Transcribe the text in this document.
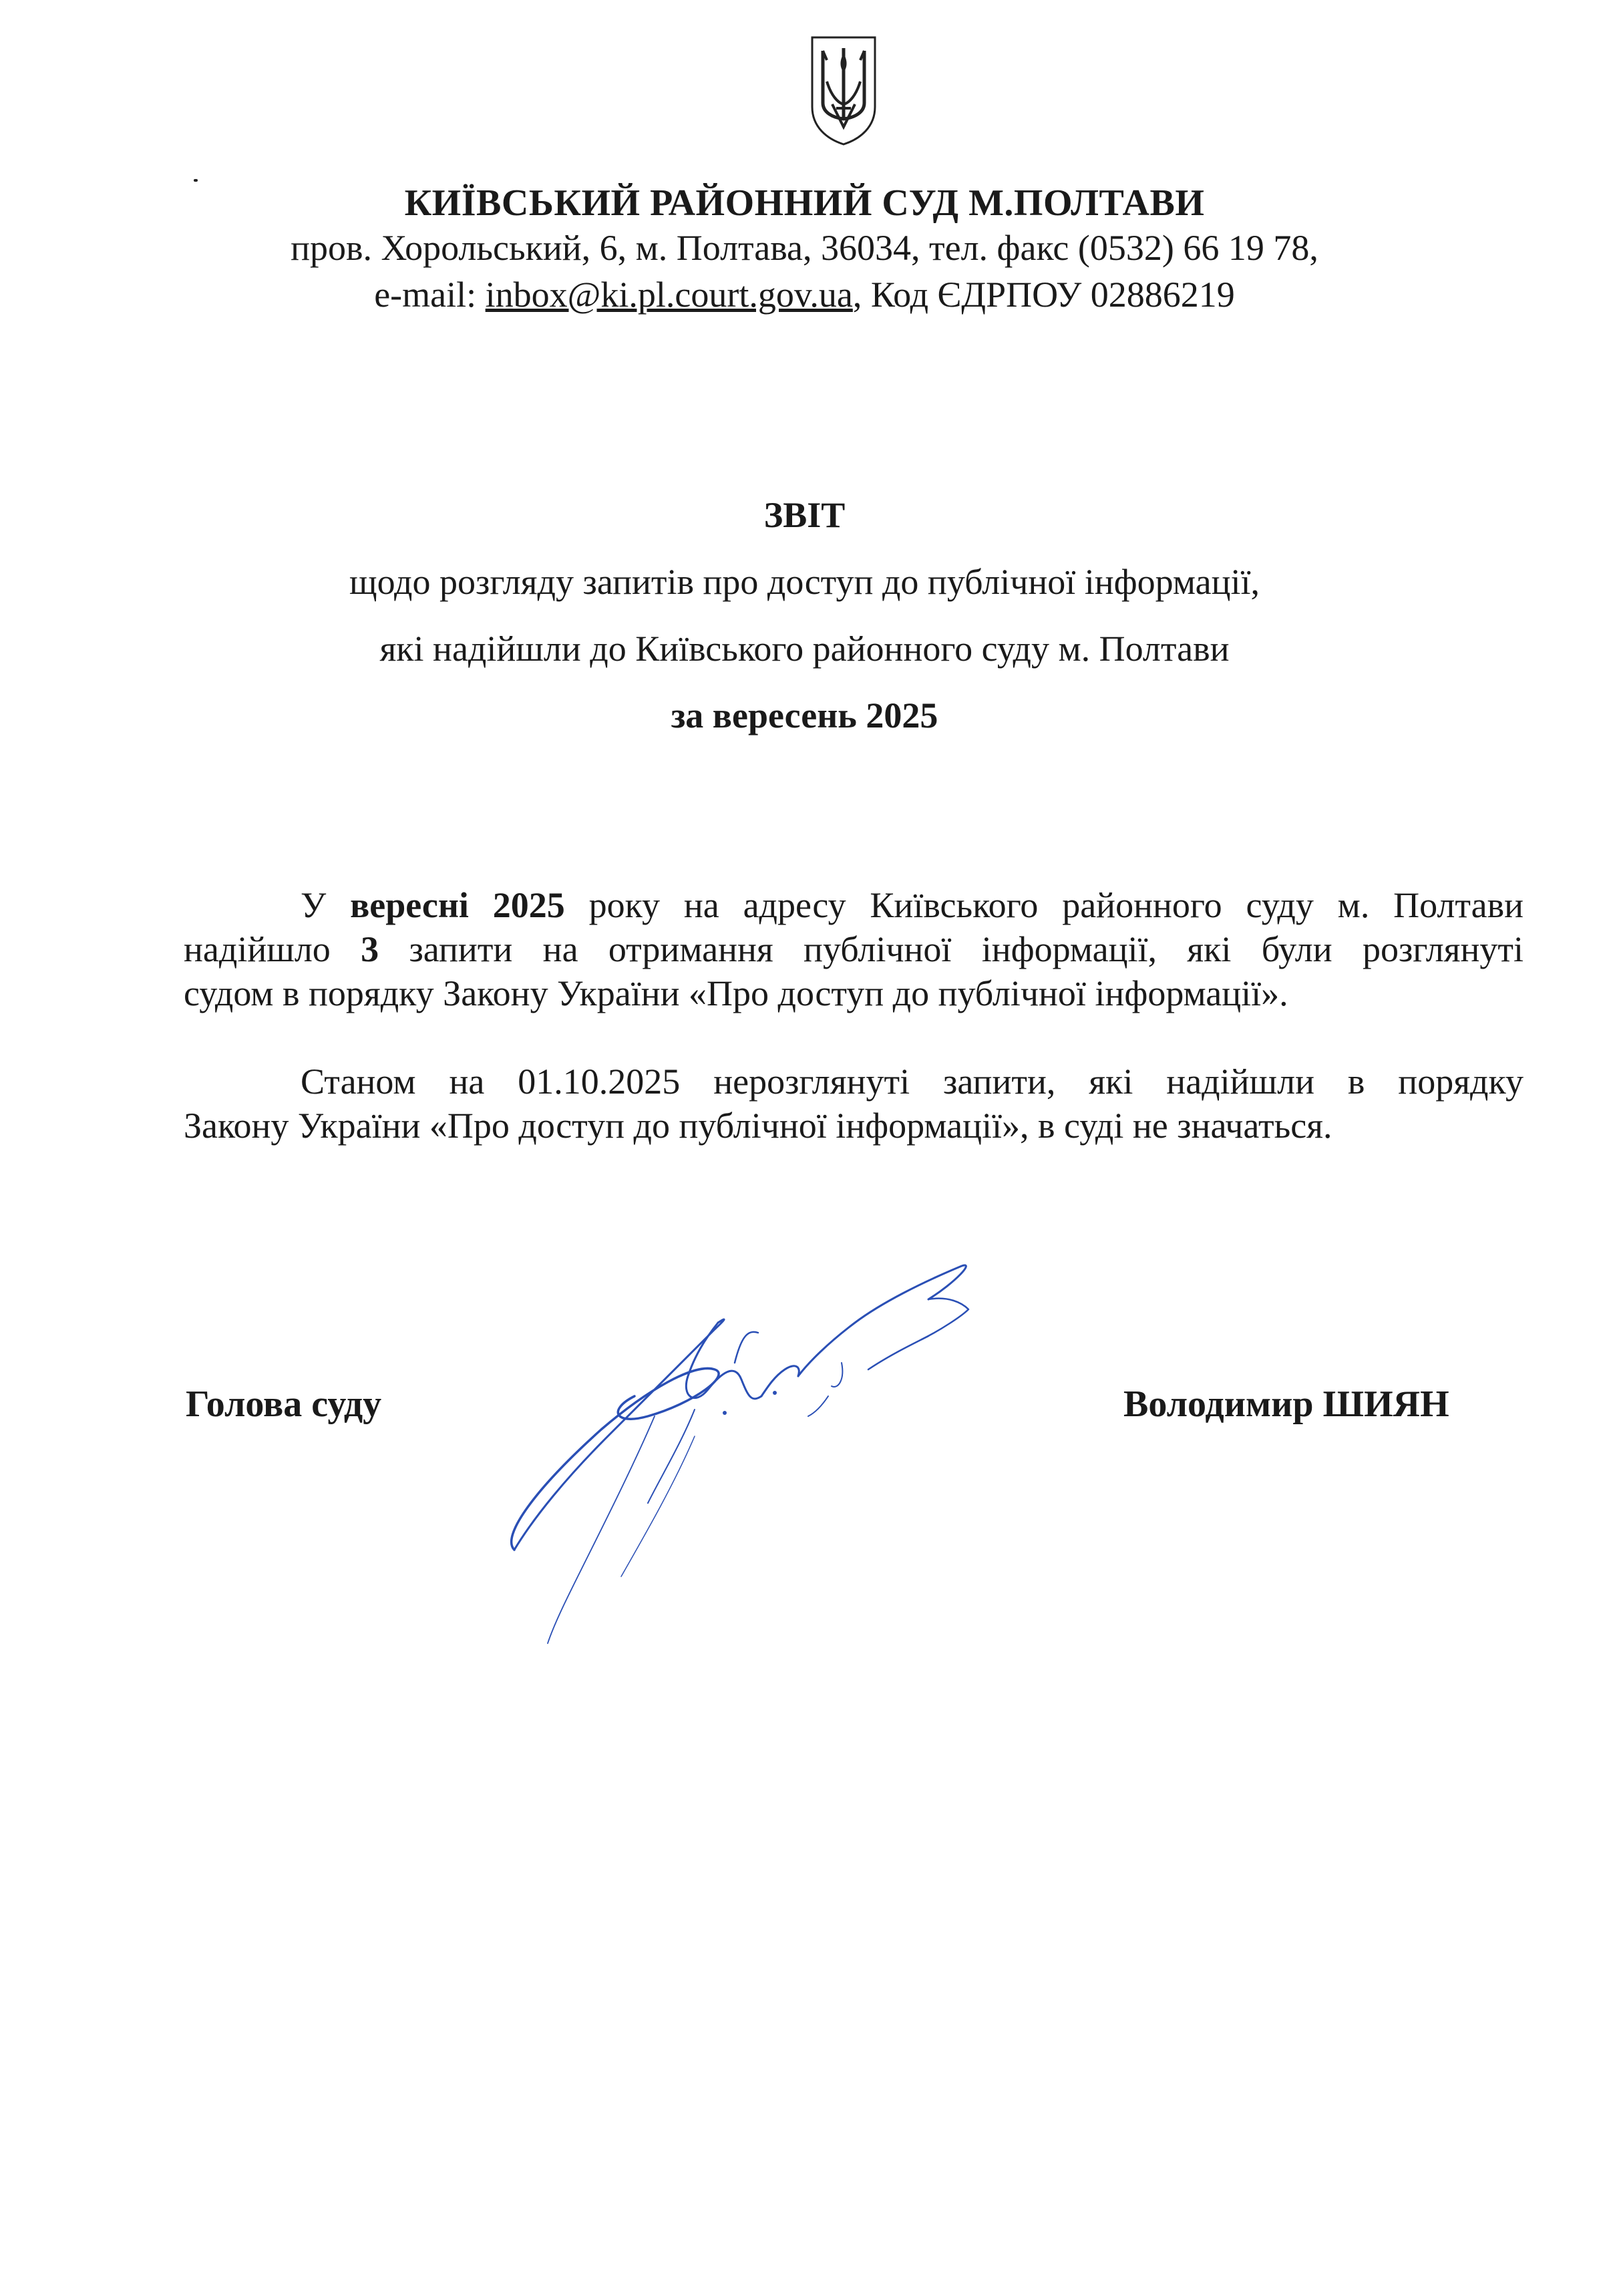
КИЇВСЬКИЙ РАЙОННИЙ СУД М.ПОЛТАВИ
пров. Хорольський, 6, м. Полтава, 36034, тел. факс (0532) 66 19 78,
e-mail: inbox@ki.pl.court.gov.ua, Код ЄДРПОУ 02886219
ЗВІТ
щодо розгляду запитів про доступ до публічної інформації,
які надійшли до Київського районного суду м. Полтави
за вересень 2025
У вересні 2025 року на адресу Київського районного суду м. Полтави
надійшло 3 запити на отримання публічної інформації, які були розглянуті
судом в порядку Закону України «Про доступ до публічної інформації».
Станом на 01.10.2025 нерозглянуті запити, які надійшли в порядку
Закону України «Про доступ до публічної інформації», в суді не значаться.
Голова суду	Володимир ШИЯН
